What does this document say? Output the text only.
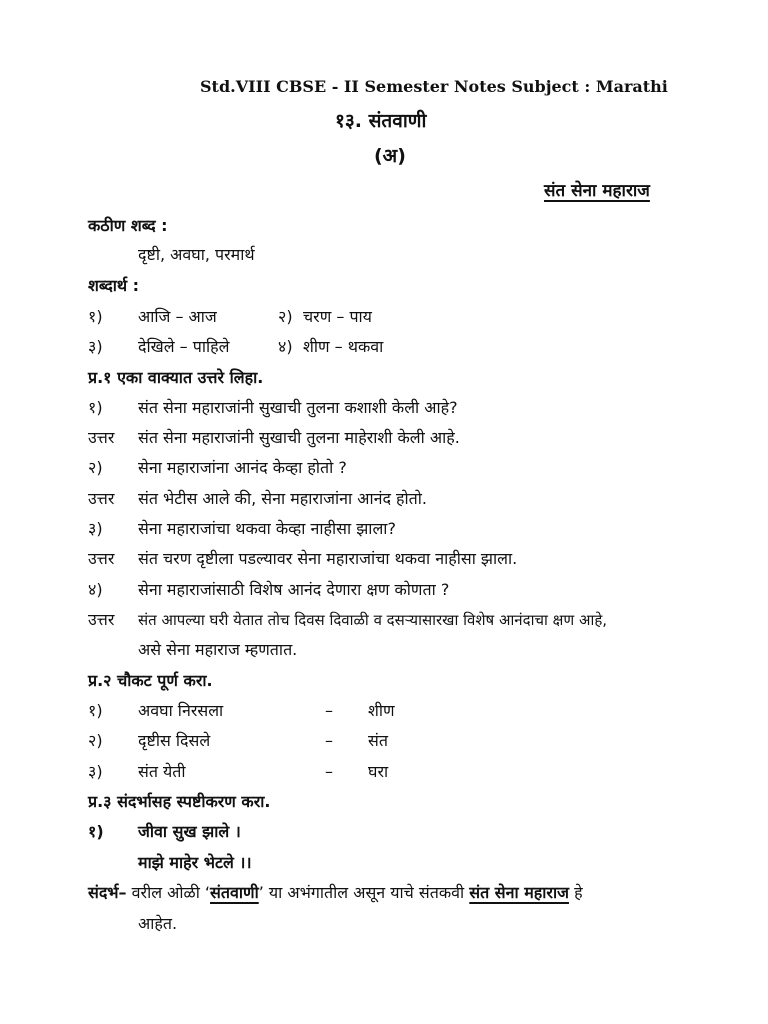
Std.VIII CBSE - II Semester Notes Subject : Marathi
१३. संतवाणी
(अ)
संत सेना महाराज
कठीण शब्द :
दृष्टी, अवघा, परमार्थ
शब्दार्थ :
१) आजि – आज	२) चरण – पाय
३) देखिले – पाहिले	४) शीण – थकवा
प्र.१ एका वाक्यात उत्तरे लिहा.
१) संत सेना महाराजांनी सुखाची तुलना कशाशी केली आहे?
उत्तर संत सेना महाराजांनी सुखाची तुलना माहेराशी केली आहे.
२) सेना महाराजांना आनंद केव्हा होतो ?
उत्तर संत भेटीस आले की, सेना महाराजांना आनंद होतो.
३) सेना महाराजांचा थकवा केव्हा नाहीसा झाला?
उत्तर संत चरण दृष्टीला पडल्यावर सेना महाराजांचा थकवा नाहीसा झाला.
४) सेना महाराजांसाठी विशेष आनंद देणारा क्षण कोणता ?
उत्तर संत आपल्या घरी येतात तोच दिवस दिवाळी व दसऱ्यासारखा विशेष आनंदाचा क्षण आहे,
असे सेना महाराज म्हणतात.
प्र.२ चौकट पूर्ण करा.
१) अवघा निरसला	– शीण
२) दृष्टीस दिसले	– संत
३) संत येती	– घरा
प्र.३ संदर्भासह स्पष्टीकरण करा.
१) जीवा सुख झाले ।
माझे माहेर भेटले ।।
संदर्भ– वरील ओळी ‘संतवाणी’ या अभंगातील असून याचे संतकवी संत सेना महाराज हे
आहेत.
